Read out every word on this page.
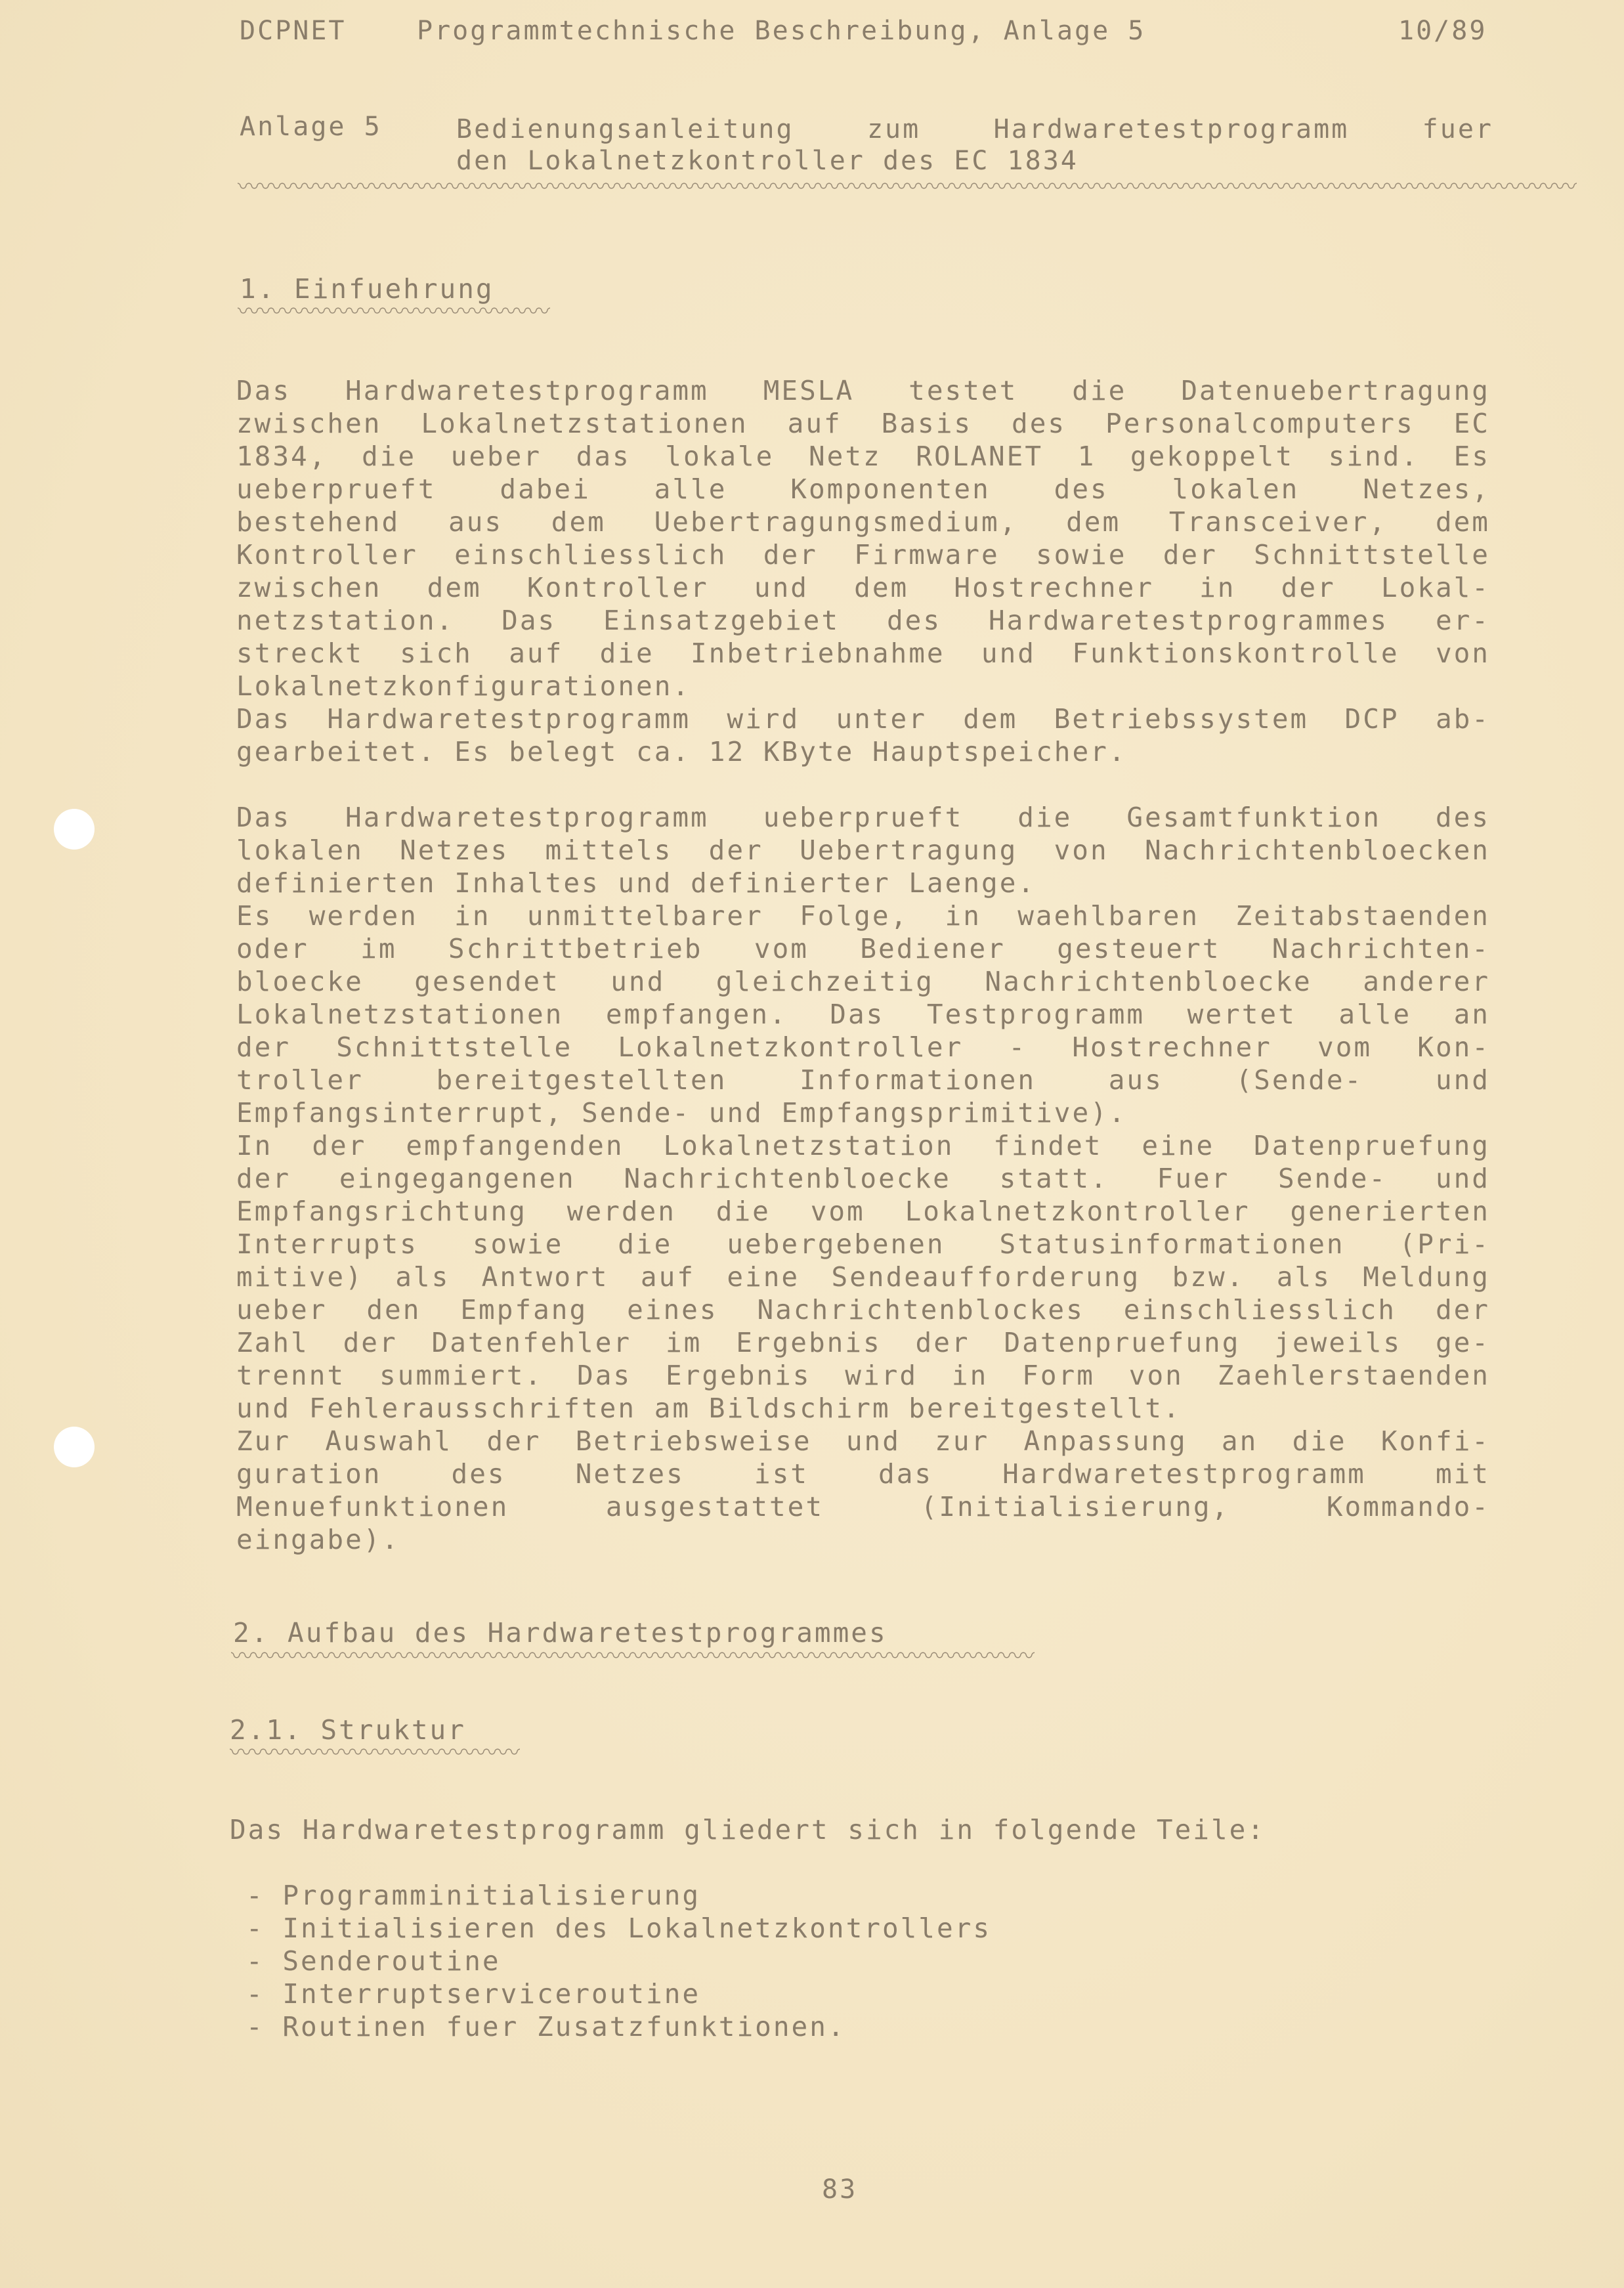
DCPNET	Programmtechnische Beschreibung, Anlage 5	10/89
Anlage 5	Bedienungsanleitung zum Hardwaretestprogramm fuer
den Lokalnetzkontroller des EC 1834
〰〰〰〰〰〰〰〰〰〰〰〰〰〰〰〰〰〰〰〰〰〰〰〰〰〰〰〰〰〰〰〰〰〰〰〰〰〰〰〰〰〰〰〰〰〰〰〰〰〰〰〰〰〰〰〰〰〰〰〰
1. Einfuehrung
〰〰〰〰〰〰〰〰〰〰〰〰〰〰
Das Hardwaretestprogramm MESLA testet die Datenuebertragung
zwischen Lokalnetzstationen auf Basis des Personalcomputers EC
1834, die ueber das lokale Netz ROLANET 1 gekoppelt sind. Es
ueberprueft dabei alle Komponenten des lokalen Netzes,
bestehend aus dem Uebertragungsmedium, dem Transceiver, dem
Kontroller einschliesslich der Firmware sowie der Schnittstelle
zwischen dem Kontroller und dem Hostrechner in der Lokal-
netzstation. Das Einsatzgebiet des Hardwaretestprogrammes er-
streckt sich auf die Inbetriebnahme und Funktionskontrolle von
Lokalnetzkonfigurationen.
Das Hardwaretestprogramm wird unter dem Betriebssystem DCP ab-
gearbeitet. Es belegt ca. 12 KByte Hauptspeicher.
Das Hardwaretestprogramm ueberprueft die Gesamtfunktion des
lokalen Netzes mittels der Uebertragung von Nachrichtenbloecken
definierten Inhaltes und definierter Laenge.
Es werden in unmittelbarer Folge, in waehlbaren Zeitabstaenden
oder im Schrittbetrieb vom Bediener gesteuert Nachrichten-
bloecke gesendet und gleichzeitig Nachrichtenbloecke anderer
Lokalnetzstationen empfangen. Das Testprogramm wertet alle an
der Schnittstelle Lokalnetzkontroller - Hostrechner vom Kon-
troller bereitgestellten Informationen aus (Sende- und
Empfangsinterrupt, Sende- und Empfangsprimitive).
In der empfangenden Lokalnetzstation findet eine Datenpruefung
der eingegangenen Nachrichtenbloecke statt. Fuer Sende- und
Empfangsrichtung werden die vom Lokalnetzkontroller generierten
Interrupts sowie die uebergebenen Statusinformationen (Pri-
mitive) als Antwort auf eine Sendeaufforderung bzw. als Meldung
ueber den Empfang eines Nachrichtenblockes einschliesslich der
Zahl der Datenfehler im Ergebnis der Datenpruefung jeweils ge-
trennt summiert. Das Ergebnis wird in Form von Zaehlerstaenden
und Fehlerausschriften am Bildschirm bereitgestellt.
Zur Auswahl der Betriebsweise und zur Anpassung an die Konfi-
guration des Netzes ist das Hardwaretestprogramm mit
Menuefunktionen ausgestattet (Initialisierung, Kommando-
eingabe).
2. Aufbau des Hardwaretestprogrammes
〰〰〰〰〰〰〰〰〰〰〰〰〰〰〰〰〰〰〰〰〰〰〰〰〰〰〰〰〰〰〰〰〰〰〰〰
2.1. Struktur
〰〰〰〰〰〰〰〰〰〰〰〰〰
Das Hardwaretestprogramm gliedert sich in folgende Teile:
- Programminitialisierung
- Initialisieren des Lokalnetzkontrollers
- Senderoutine
- Interruptserviceroutine
- Routinen fuer Zusatzfunktionen.
83
